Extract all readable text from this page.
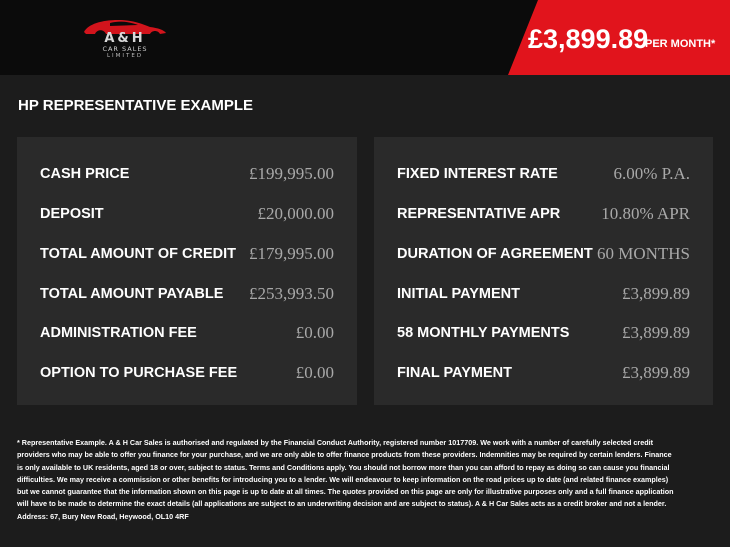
A&H
CAR SALES
LIMITED
£3,899.89
PER MONTH*
HP REPRESENTATIVE EXAMPLE
CASH PRICE	£199,995.00
DEPOSIT	£20,000.00
TOTAL AMOUNT OF CREDIT £179,995.00
TOTAL AMOUNT PAYABLE £253,993.50
ADMINISTRATION FEE	£0.00
OPTION TO PURCHASE FEE	£0.00
FIXED INTEREST RATE	6.00% P.A.
REPRESENTATIVE APR 10.80% APR
DURATION OF AGREEMENT 60 MONTHS
INITIAL PAYMENT	£3,899.89
58 MONTHLY PAYMENTS	£3,899.89
FINAL PAYMENT	£3,899.89
* Representative Example. A & H Car Sales is authorised and regulated by the Financial Conduct Authority, registered number 1017709. We work with a number of carefully selected credit providers who may be able to offer you finance for your purchase, and we are only able to offer finance products from these providers. Indemnities may be required by certain lenders. Finance is only available to UK residents, aged 18 or over, subject to status. Terms and Conditions apply. You should not borrow more than you can afford to repay as doing so can cause you financial difficulties. We may receive a commission or other benefits for introducing you to a lender. We will endeavour to keep information on the road prices up to date (and related finance examples) but we cannot guarantee that the information shown on this page is up to date at all times. The quotes provided on this page are only for illustrative purposes only and a full finance application will have to be made to determine the exact details (all applications are subject to an underwriting decision and are subject to status). A & H Car Sales acts as a credit broker and not a lender. Address: 67, Bury New Road, Heywood, OL10 4RF
